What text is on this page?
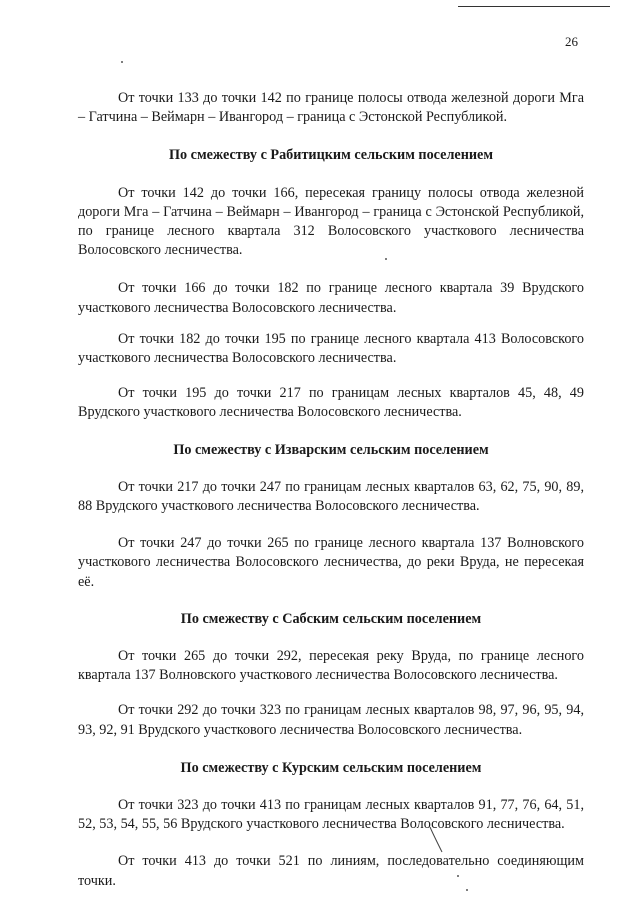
26

От точки 133 до точки 142 по границе полосы отвода железной дороги Мга – Гатчина – Веймарн – Ивангород – граница с Эстонской Республикой.

По смежеству с Рабитицким сельским поселением

От точки 142 до точки 166, пересекая границу полосы отвода железной дороги Мга – Гатчина – Веймарн – Ивангород – граница с Эстонской Республикой, по границе лесного квартала 312 Волосовского участкового лесничества Волосовского лесничества.

От точки 166 до точки 182 по границе лесного квартала 39 Врудского участкового лесничества Волосовского лесничества.

От точки 182 до точки 195 по границе лесного квартала 413 Волосовского участкового лесничества Волосовского лесничества.

От точки 195 до точки 217 по границам лесных кварталов 45, 48, 49 Врудского участкового лесничества Волосовского лесничества.

По смежеству с Изварским сельским поселением

От точки 217 до точки 247 по границам лесных кварталов 63, 62, 75, 90, 89, 88 Врудского участкового лесничества Волосовского лесничества.

От точки 247 до точки 265 по границе лесного квартала 137 Волновского участкового лесничества Волосовского лесничества, до реки Вруда, не пересекая её.

По смежеству с Сабским сельским поселением

От точки 265 до точки 292, пересекая реку Вруда, по границе лесного квартала 137 Волновского участкового лесничества Волосовского лесничества.

От точки 292 до точки 323 по границам лесных кварталов 98, 97, 96, 95, 94, 93, 92, 91 Врудского участкового лесничества Волосовского лесничества.

По смежеству с Курским сельским поселением

От точки 323 до точки 413 по границам лесных кварталов 91, 77, 76, 64, 51, 52, 53, 54, 55, 56 Врудского участкового лесничества Волосовского лесничества.

От точки 413 до точки 521 по линиям, последовательно соединяющим точки.
